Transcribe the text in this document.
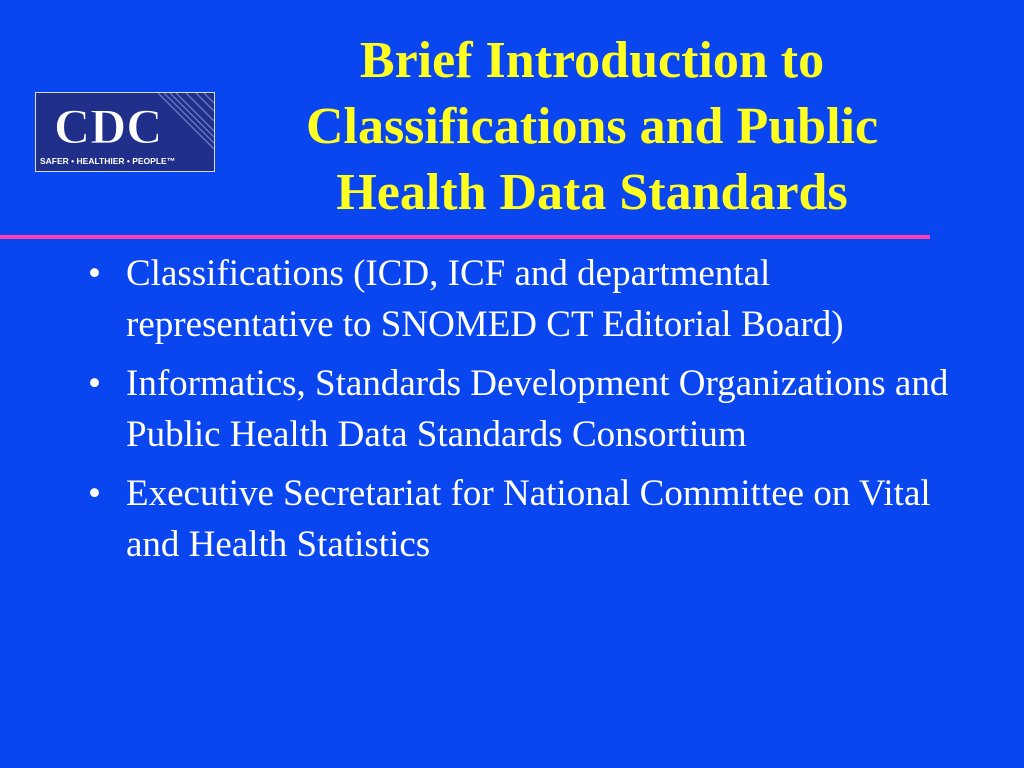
CDC
SAFER • HEALTHIER • PEOPLE™
Brief Introduction to
Classifications and Public
Health Data Standards
• Classifications (ICD, ICF and departmental representative to SNOMED CT Editorial Board)
• Informatics, Standards Development Organizations and Public Health Data Standards Consortium
• Executive Secretariat for National Committee on Vital and Health Statistics
